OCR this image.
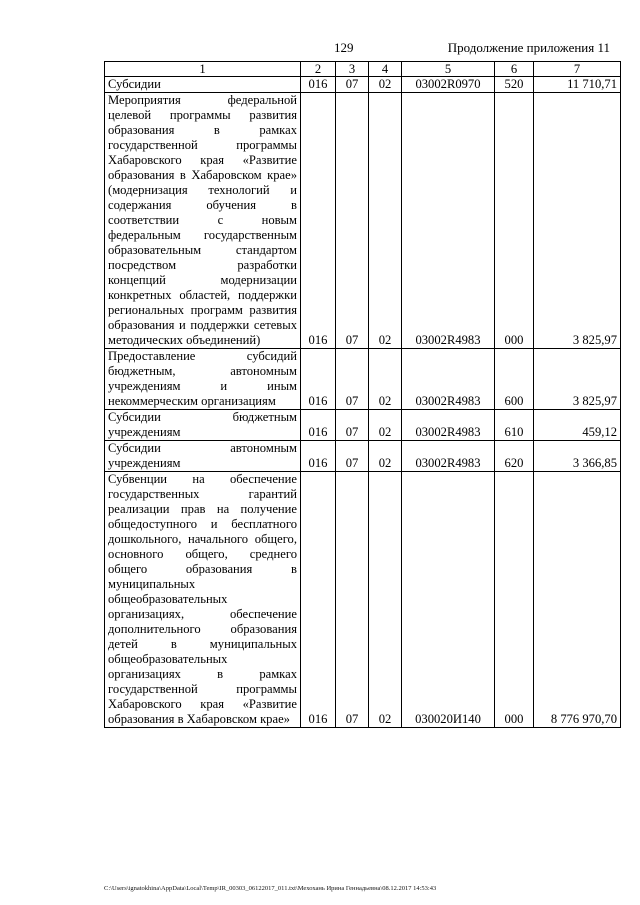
129	Продолжение приложения 11
1	2	3	4	5	6	7
Субсидии	016	07	02	03002R0970	520	11 710,71
Мероприятия федеральной целевой программы развития образования в рамках государственной программы Хабаровского края «Развитие образования в Хабаровском крае» (модернизация технологий и содержания обучения в соответствии с новым федеральным государственным образовательным стандартом посредством разработки концепций модернизации конкретных областей, поддержки региональных программ развития образования и поддержки сетевых методических объединений)	016	07	02	03002R4983	000	3 825,97
Предоставление субсидий бюджетным, автономным учреждениям и иным некоммерческим организациям	016	07	02	03002R4983	600	3 825,97
Субсидии бюджетным учреждениям	016	07	02	03002R4983	610	459,12
Субсидии автономным учреждениям	016	07	02	03002R4983	620	3 366,85
Субвенции на обеспечение государственных гарантий реализации прав на получение общедоступного и бесплатного дошкольного, начального общего, основного общего, среднего общего образования в муниципальных общеобразовательных организациях, обеспечение дополнительного образования детей в муниципальных общеобразовательных организациях в рамках государственной программы Хабаровского края «Развитие образования в Хабаровском крае»	016	07	02	030020И140	000	8 776 970,70
C:\Users\ignatokhina\AppData\Local\Temp\IR_00303_06122017_011.txt\Мехохань Ирина Геннадьевна\08.12.2017 14:53:43
